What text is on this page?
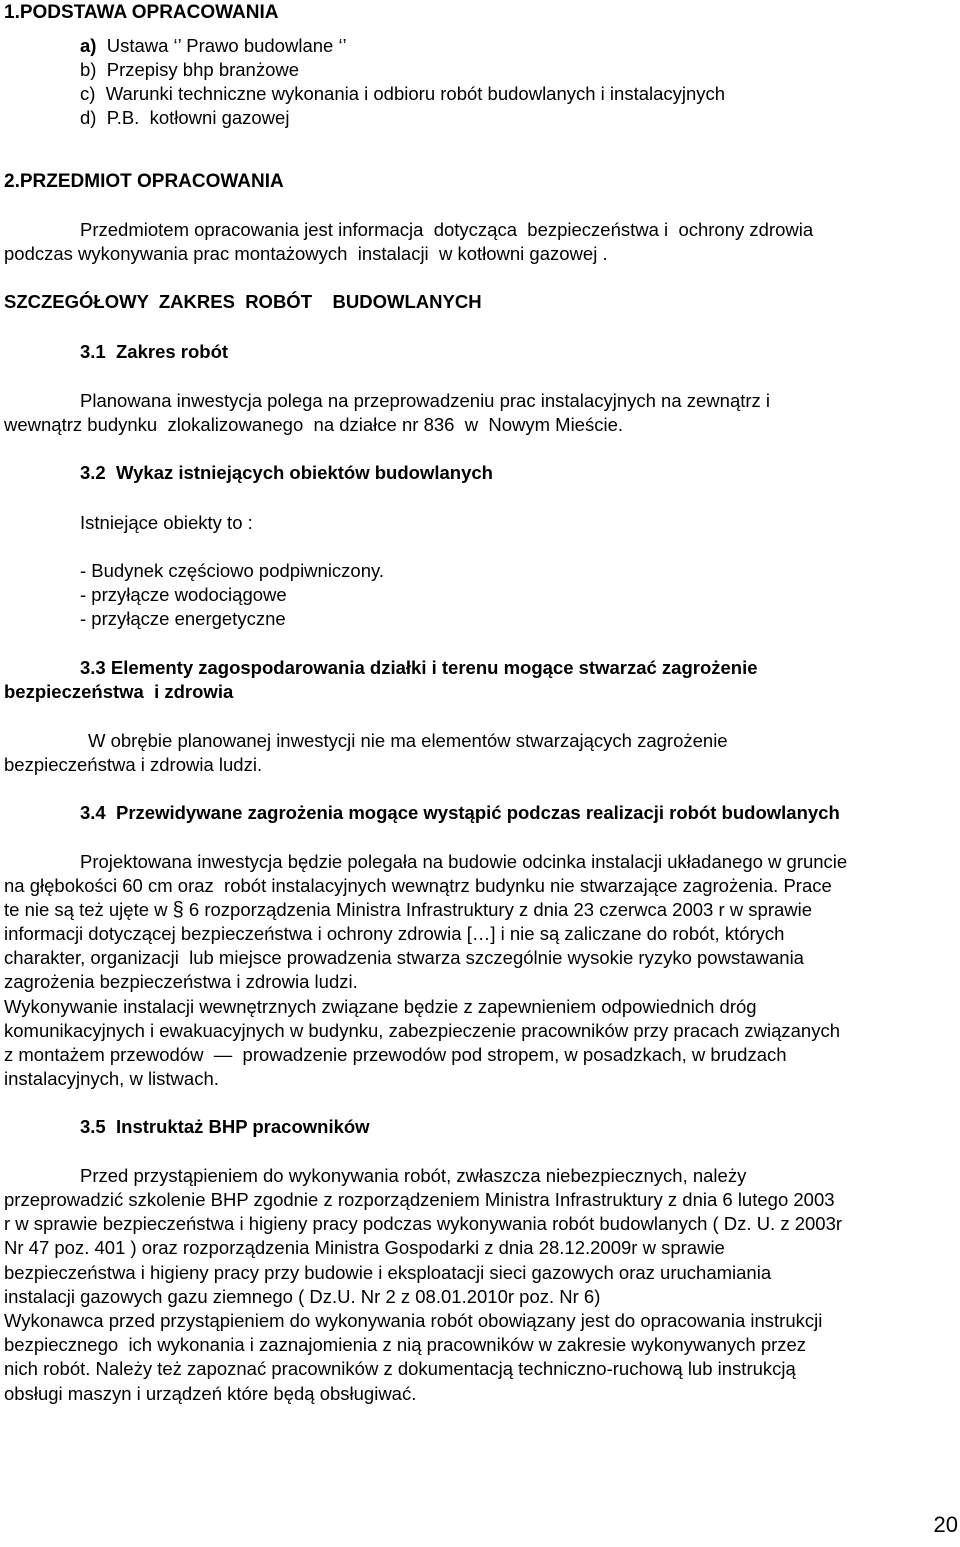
1.PODSTAWA OPRACOWANIA
a) Ustawa ‘’ Prawo budowlane ‘’
b) Przepisy bhp branżowe
c) Warunki techniczne wykonania i odbioru robót budowlanych i instalacyjnych
d) P.B.  kotłowni gazowej
2.PRZEDMIOT OPRACOWANIA
Przedmiotem opracowania jest informacja  dotycząca  bezpieczeństwa i  ochrony zdrowia
podczas wykonywania prac montażowych  instalacji  w kotłowni gazowej .
SZCZEGÓŁOWY  ZAKRES  ROBÓT    BUDOWLANYCH
3.1  Zakres robót
Planowana inwestycja polega na przeprowadzeniu prac instalacyjnych na zewnątrz i
wewnątrz budynku  zlokalizowanego  na działce nr 836  w  Nowym Mieście.
3.2  Wykaz istniejących obiektów budowlanych
Istniejące obiekty to :
- Budynek częściowo podpiwniczony.
- przyłącze wodociągowe
- przyłącze energetyczne
3.3 Elementy zagospodarowania działki i terenu mogące stwarzać zagrożenie
bezpieczeństwa  i zdrowia
W obrębie planowanej inwestycji nie ma elementów stwarzających zagrożenie
bezpieczeństwa i zdrowia ludzi.
3.4  Przewidywane zagrożenia mogące wystąpić podczas realizacji robót budowlanych
Projektowana inwestycja będzie polegała na budowie odcinka instalacji układanego w gruncie
na głębokości 60 cm oraz  robót instalacyjnych wewnątrz budynku nie stwarzające zagrożenia. Prace
te nie są też ujęte w § 6 rozporządzenia Ministra Infrastruktury z dnia 23 czerwca 2003 r w sprawie
informacji dotyczącej bezpieczeństwa i ochrony zdrowia […] i nie są zaliczane do robót, których
charakter, organizacji  lub miejsce prowadzenia stwarza szczególnie wysokie ryzyko powstawania
zagrożenia bezpieczeństwa i zdrowia ludzi.
Wykonywanie instalacji wewnętrznych związane będzie z zapewnieniem odpowiednich dróg
komunikacyjnych i ewakuacyjnych w budynku, zabezpieczenie pracowników przy pracach związanych
z montażem przewodów  —  prowadzenie przewodów pod stropem, w posadzkach, w brudzach
instalacyjnych, w listwach.
3.5  Instruktaż BHP pracowników
Przed przystąpieniem do wykonywania robót, zwłaszcza niebezpiecznych, należy
przeprowadzić szkolenie BHP zgodnie z rozporządzeniem Ministra Infrastruktury z dnia 6 lutego 2003
r w sprawie bezpieczeństwa i higieny pracy podczas wykonywania robót budowlanych ( Dz. U. z 2003r
Nr 47 poz. 401 ) oraz rozporządzenia Ministra Gospodarki z dnia 28.12.2009r w sprawie
bezpieczeństwa i higieny pracy przy budowie i eksploatacji sieci gazowych oraz uruchamiania
instalacji gazowych gazu ziemnego ( Dz.U. Nr 2 z 08.01.2010r poz. Nr 6)
Wykonawca przed przystąpieniem do wykonywania robót obowiązany jest do opracowania instrukcji
bezpiecznego  ich wykonania i zaznajomienia z nią pracowników w zakresie wykonywanych przez
nich robót. Należy też zapoznać pracowników z dokumentacją techniczno-ruchową lub instrukcją
obsługi maszyn i urządzeń które będą obsługiwać.
20
